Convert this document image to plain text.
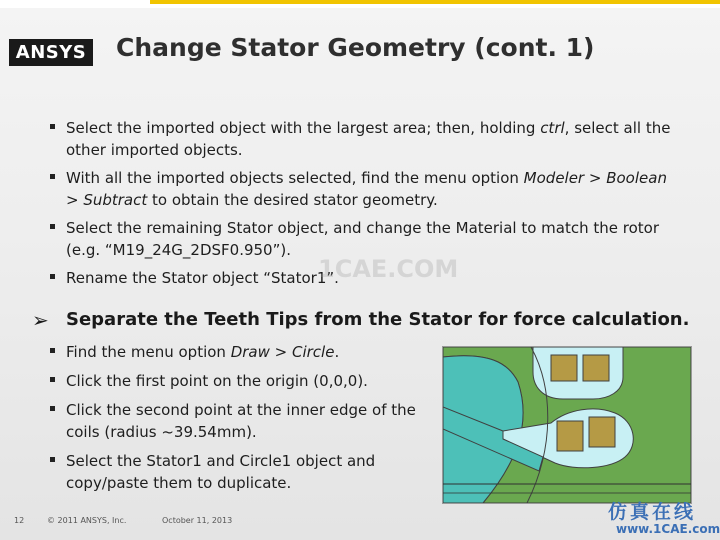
ANSYS Change Stator Geometry (cont. 1)
Select the imported object with the largest area; then, holding ctrl, select all the other imported objects.
With all the imported objects selected, find the menu option Modeler > Boolean > Subtract to obtain the desired stator geometry.
Select the remaining Stator object, and change the Material to match the rotor (e.g. “M19_24G_2DSF0.950”).
Rename the Stator object “Stator1”.
1CAE.COM
➢ Separate the Teeth Tips from the Stator for force calculation.
Find the menu option Draw > Circle.
Click the first point on the origin (0,0,0).
Click the second point at the inner edge of the coils (radius ~39.54mm).
Select the Stator1 and Circle1 object and copy/paste them to duplicate.
12	© 2011 ANSYS, Inc.	October 11, 2013	仿真在线
www.1CAE.com
